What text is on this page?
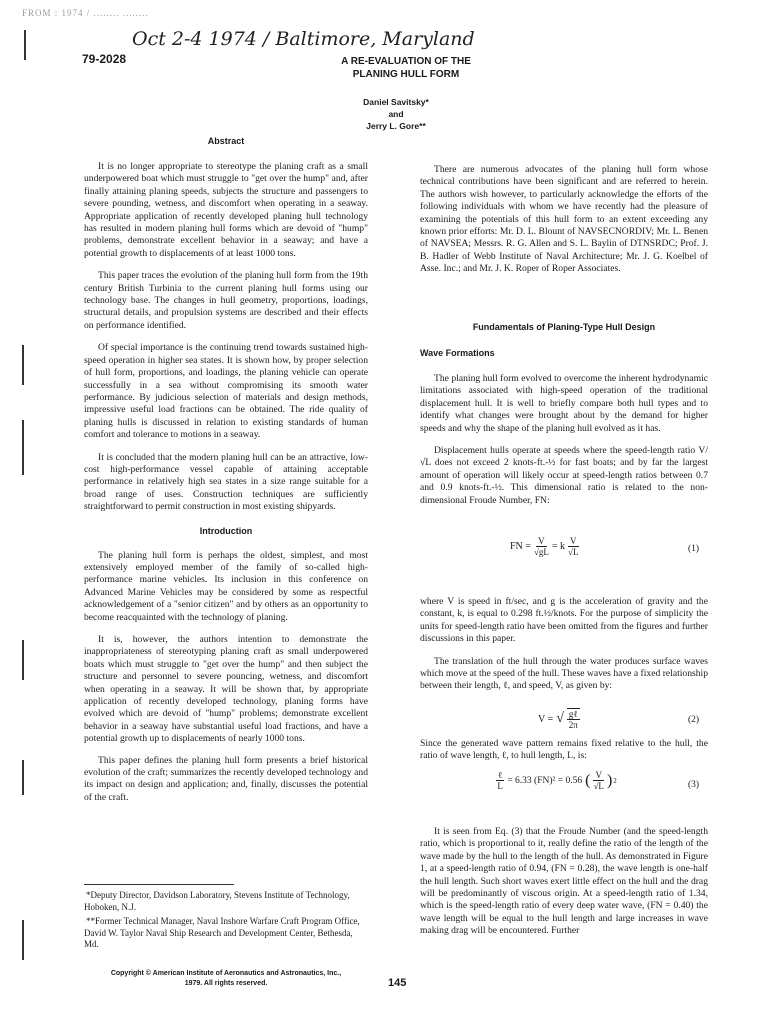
FROM : 1974 / ........ ........
Oct 2-4 1974 / Baltimore, Maryland
79-2028	A RE-EVALUATION OF THE
PLANING HULL FORM
Daniel Savitsky*
and
Jerry L. Gore**
Abstract

It is no longer appropriate to stereotype the planing craft as a small underpowered boat which must struggle to "get over the hump" and, after finally attaining planing speeds, subjects the structure and passengers to severe pounding, wetness, and discomfort when operating in a seaway. Appropriate application of recently developed planing hull technology has resulted in modern planing hull forms which are devoid of "hump" problems, demonstrate excellent behavior in a seaway; and have a potential growth to displacements of at least 1000 tons.

This paper traces the evolution of the planing hull form from the 19th century British Turbinia to the current planing hull forms using our technology base. The changes in hull geometry, proportions, loadings, structural details, and propulsion systems are described and their effects on performance identified.

Of special importance is the continuing trend towards sustained high-speed operation in higher sea states. It is shown how, by proper selection of hull form, proportions, and loadings, the planing vehicle can operate successfully in a sea without compromising its smooth water performance. By judicious selection of materials and design methods, impressive useful load fractions can be obtained. The ride quality of planing hulls is discussed in relation to existing standards of human comfort and tolerance to motions in a seaway.

It is concluded that the modern planing hull can be an attractive, low-cost high-performance vessel capable of attaining acceptable performance in relatively high sea states in a size range suitable for a broad range of uses. Construction techniques are sufficiently straightforward to permit construction in most existing shipyards.

Introduction

The planing hull form is perhaps the oldest, simplest, and most extensively employed member of the family of so-called high-performance marine vehicles. Its inclusion in this conference on Advanced Marine Vehicles may be considered by some as respectful acknowledgement of a "senior citizen" and by others as an opportunity to become reacquainted with the technology of planing.

It is, however, the authors intention to demonstrate the inappropriateness of stereotyping planing craft as small underpowered boats which must struggle to "get over the hump" and then subject the structure and personnel to severe pouncing, wetness, and discomfort when operating in a seaway. It will be shown that, by appropriate application of recently developed technology, planing forms have evolved which are devoid of "hump" problems; demonstrate excellent behavior in a seaway have substantial useful load fractions, and have a potential growth up to displacements of nearly 1000 tons.

This paper defines the planing hull form presents a brief historical evolution of the craft; summarizes the recently developed technology and its impact on design and application; and, finally, discusses the potential of the craft.

*Deputy Director, Davidson Laboratory, Stevens Institute of Technology, Hoboken, N.J.

**Former Technical Manager, Naval Inshore Warfare Craft Program Office, David W. Taylor Naval Ship Research and Development Center, Bethesda, Md.

Copyright © American Institute of Aeronautics and Astronautics, Inc., 1979. All rights reserved.	145

There are numerous advocates of the planing hull form whose technical contributions have been significant and are referred to herein. The authors wish however, to particularly acknowledge the efforts of the following individuals with whom we have recently had the pleasure of examining the potentials of this hull form to an extent exceeding any known prior efforts: Mr. D. L. Blount of NAVSECNORDIV; Mr. L. Benen of NAVSEA; Messrs. R. G. Allen and S. L. Baylin of DTNSRDC; Prof. J. B. Hadler of Webb Institute of Naval Architecture; Mr. J. G. Koelbel of Asse. Inc.; and Mr. J. K. Roper of Roper Associates.

Fundamentals of Planing-Type Hull Design
Wave Formations

The planing hull form evolved to overcome the inherent hydrodynamic limitations associated with high-speed operation of the traditional displacement hull. It is well to briefly compare both hull types and to identify what changes were brought about by the demand for higher speeds and why the shape of the planing hull evolved as it has.

Displacement hulls operate at speeds where the speed-length ratio V/√L does not exceed 2 knots-ft.-½ for fast boats; and by far the largest amount of operation will likely occur at speed-length ratios between 0.7 and 0.9 knots-ft.-½. This dimensional ratio is related to the non-dimensional Froude Number, FN:

FN = $\frac{V}{√gL} = k \frac{V}{√L}$	(1)

where V is speed in ft/sec, and g is the acceleration of gravity and the constant, k, is equal to 0.298 ft.½/knots. For the purpose of simplicity the units for speed-length ratio have been omitted from the figures and further discussions in this paper.

The translation of the hull through the water produces surface waves which move at the speed of the hull. These waves have a fixed relationship between their length, ℓ, and speed, V, as given by:

V = √ gℓ
2π	(2)

Since the generated wave pattern remains fixed relative to the hull, the ratio of wave length, ℓ, to hull length, L, is:

ℓ
L
= 6.33 (FN)² = 0.56 ( $\frac{V}{√L}$ ) 2	(3)

It is seen from Eq. (3) that the Froude Number (and the speed-length ratio, which is proportional to it, really define the ratio of the length of the wave made by the hull to the length of the hull. As demonstrated in Figure 1, at a speed-length ratio of 0.94, (FN = 0.28), the wave length is one-half the hull length. Such short waves exert little effect on the hull and the drag will be predominantly of viscous origin. At a speed-length ratio of 1.34, which is the speed-length ratio of every deep water wave, (FN = 0.40) the wave length will be equal to the hull length and large increases in wave making drag will be encountered. Further
